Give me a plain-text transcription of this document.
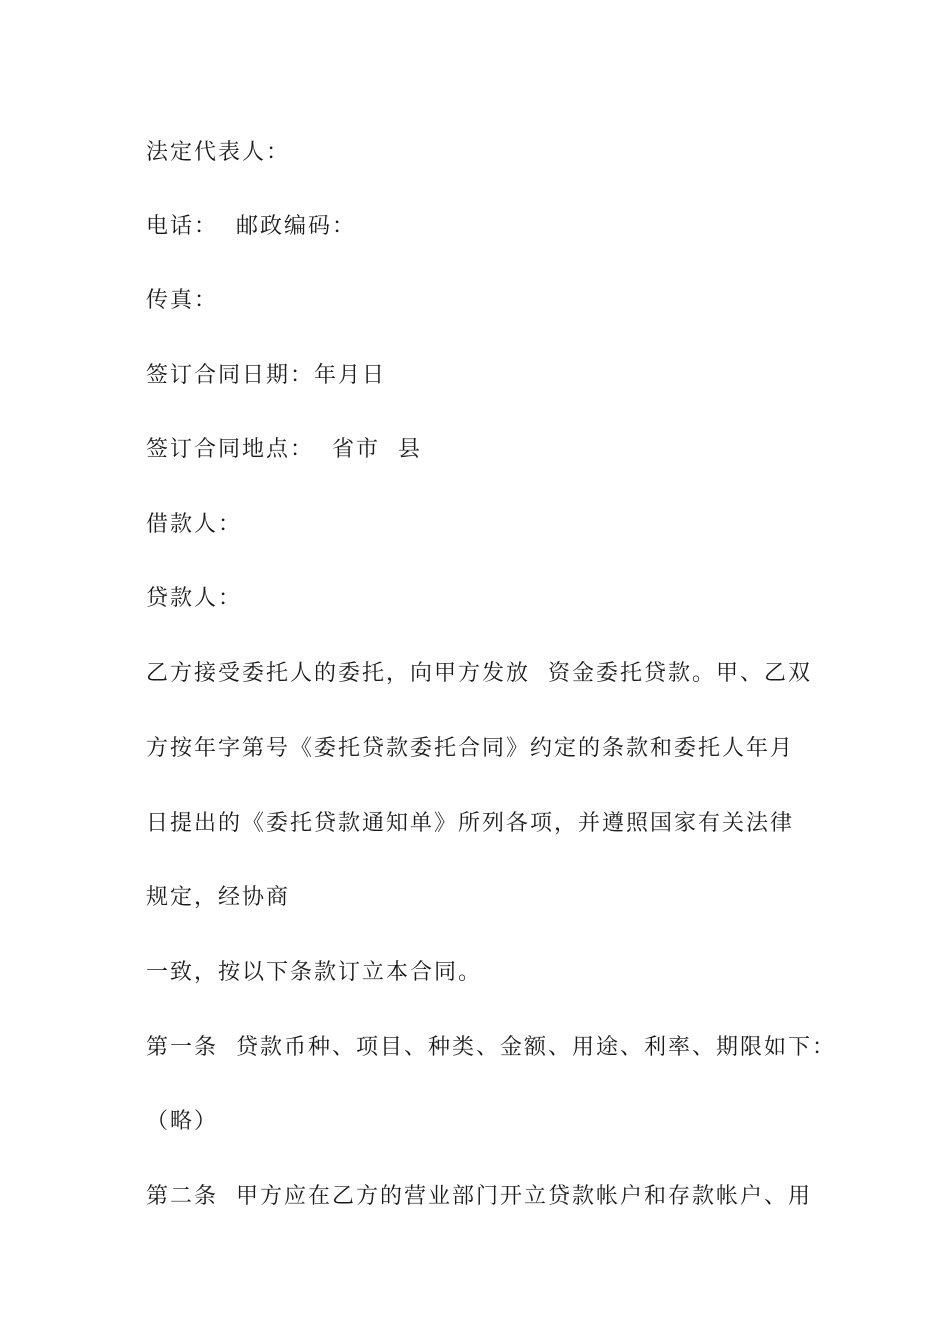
法定代表人：
电话：  邮政编码：
传真：
签订合同日期：年月日
签订合同地点：  省市  县
借款人：
贷款人：
乙方接受委托人的委托，向甲方发放  资金委托贷款。甲、乙双
方按年字第号《委托贷款委托合同》约定的条款和委托人年月
日提出的《委托贷款通知单》所列各项，并遵照国家有关法律
规定，经协商
一致，按以下条款订立本合同。
第一条  贷款币种、项目、种类、金额、用途、利率、期限如下：
（略）
第二条  甲方应在乙方的营业部门开立贷款帐户和存款帐户、用
